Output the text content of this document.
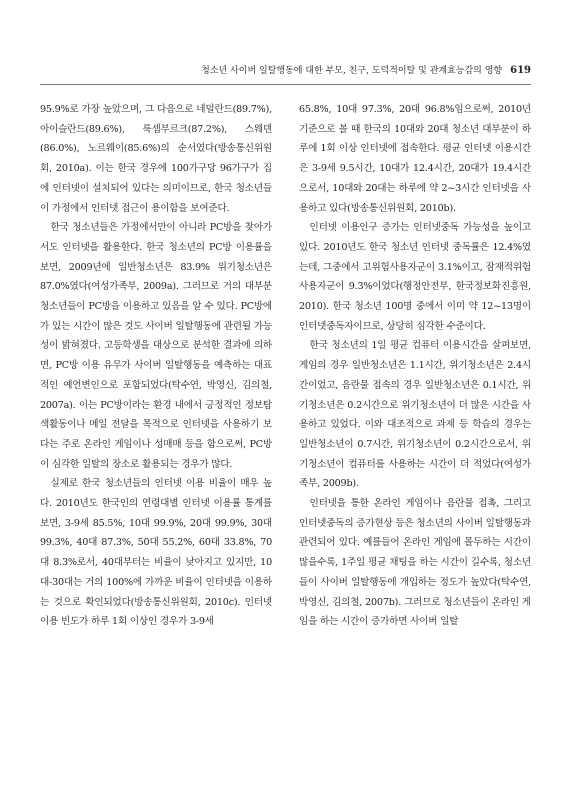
청소년 사이버 일탈행동에 대한 부모, 친구, 도덕적이탈 및 관계효능감의 영향 619

95.9%로 가장 높았으며, 그 다음으로 네덜란드(89.7%), 아이슬란드(89.6%), 룩셈부르크(87.2%), 스웨덴(86.0%), 노르웨이(85.6%)의 순서였다(방송통신위원회, 2010a). 이는 한국 경우에 100가구당 96가구가 집에 인터넷이 설치되어 있다는 의미이므로, 한국 청소년들이 가정에서 인터넷 접근이 용이함을 보여준다.

한국 청소년들은 가정에서만이 아니라 PC방을 찾아가서도 인터넷을 활용한다. 한국 청소년의 PC방 이용률을 보면, 2009년에 일반청소년은 83.9% 위기청소년은 87.0%였다(여성가족부, 2009a). 그러므로 거의 대부분 청소년들이 PC방을 이용하고 있음을 알 수 있다. PC방에 가 있는 시간이 많은 것도 사이버 일탈행동에 관련될 가능성이 밝혀졌다. 고등학생을 대상으로 분석한 결과에 의하면, PC방 이용 유무가 사이버 일탈행동을 예측하는 대표적인 예언변인으로 포함되었다(탁수연, 박영신, 김의철, 2007a). 이는 PC방이라는 환경 내에서 긍정적인 정보탐색활동이나 메일 전달을 목적으로 인터넷을 사용하기 보다는 주로 온라인 게임이나 성매매 등을 함으로써, PC방이 심각한 일탈의 장소로 활용되는 경우가 많다.

실제로 한국 청소년들의 인터넷 이용 비율이 매우 높다. 2010년도 한국인의 연령대별 인터넷 이용률 통계를 보면, 3-9세 85.5%, 10대 99.9%, 20대 99.9%, 30대 99.3%, 40대 87.3%, 50대 55.2%, 60대 33.8%, 70대 8.3%로서, 40대부터는 비율이 낮아지고 있지만, 10대-30대는 거의 100%에 가까운 비율이 인터넷을 이용하는 것으로 확인되었다(방송통신위원회, 2010c). 인터넷 이용 빈도가 하루 1회 이상인 경우가 3-9세

65.8%, 10대 97.3%, 20대 96.8%임으로써, 2010년 기준으로 볼 때 한국의 10대와 20대 청소년 대부분이 하루에 1회 이상 인터넷에 접속한다. 평균 인터넷 이용시간은 3-9세 9.5시간, 10대가 12.4시간, 20대가 19.4시간으로서, 10대와 20대는 하루에 약 2~3시간 인터넷을 사용하고 있다(방송통신위원회, 2010b).

인터넷 이용인구 증가는 인터넷중독 가능성을 높이고 있다. 2010년도 한국 청소년 인터넷 중독률은 12.4%였는데, 그중에서 고위험사용자군이 3.1%이고, 잠재적위험사용자군이 9.3%이었다(행정안전부, 한국정보화진흥원, 2010). 한국 청소년 100명 중에서 이미 약 12~13명이 인터넷중독자이므로, 상당히 심각한 수준이다.

한국 청소년의 1일 평균 컴퓨터 이용시간을 살펴보면, 게임의 경우 일반청소년은 1.1시간, 위기청소년은 2.4시간이었고, 음란물 접속의 경우 일반청소년은 0.1시간, 위기청소년은 0.2시간으로 위기청소년이 더 많은 시간을 사용하고 있었다. 이와 대조적으로 과제 등 학습의 경우는 일반청소년이 0.7시간, 위기청소년이 0.2시간으로서, 위기청소년이 컴퓨터를 사용하는 시간이 더 적었다(여성가족부, 2009b).

인터넷을 통한 온라인 게임이나 음란물 접촉, 그리고 인터넷중독의 증가현상 등은 청소년의 사이버 일탈행동과 관련되어 있다. 예를들어 온라인 게임에 몰두하는 시간이 많을수록, 1주일 평균 채팅을 하는 시간이 길수록, 청소년들이 사이버 일탈행동에 개입하는 정도가 높았다(탁수연, 박영신, 김의철, 2007b). 그러므로 청소년들이 온라인 게임을 하는 시간이 증가하면 사이버 일탈
